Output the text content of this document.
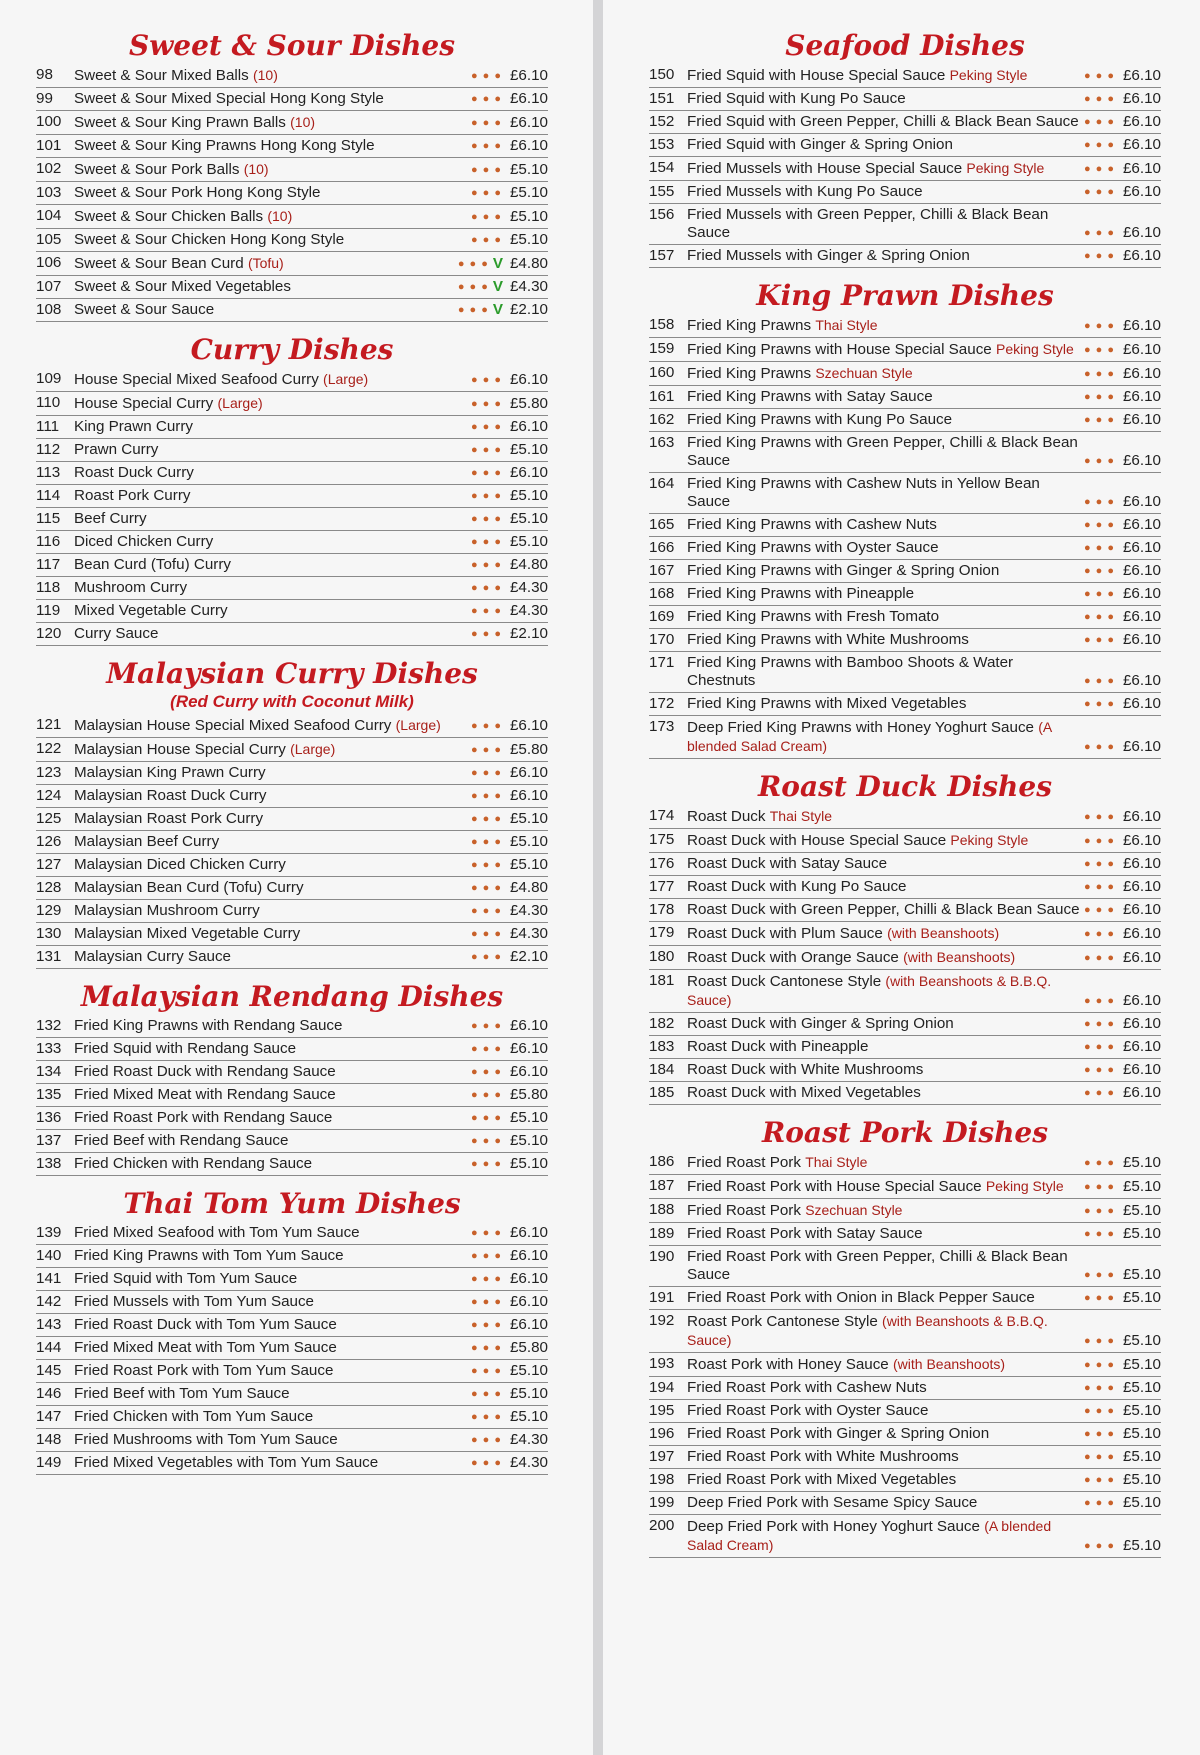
Sweet & Sour Dishes
98	Sweet & Sour Mixed Balls (10)	● ● ● £6.10
99	Sweet & Sour Mixed Special Hong Kong Style	● ● ● £6.10
100 Sweet & Sour King Prawn Balls (10)	● ● ● £6.10
101 Sweet & Sour King Prawns Hong Kong Style	● ● ● £6.10
102 Sweet & Sour Pork Balls (10)	● ● ● £5.10
103 Sweet & Sour Pork Hong Kong Style	● ● ● £5.10
104 Sweet & Sour Chicken Balls (10)	● ● ● £5.10
105 Sweet & Sour Chicken Hong Kong Style	● ● ● £5.10
106 Sweet & Sour Bean Curd (Tofu)	● ● ● V £4.80
107 Sweet & Sour Mixed Vegetables	● ● ● V £4.30
108 Sweet & Sour Sauce	● ● ● V £2.10
Curry Dishes
109 House Special Mixed Seafood Curry (Large)	● ● ● £6.10
110 House Special Curry (Large)	● ● ● £5.80
111 King Prawn Curry	● ● ● £6.10
112 Prawn Curry	● ● ● £5.10
113 Roast Duck Curry	● ● ● £6.10
114 Roast Pork Curry	● ● ● £5.10
115 Beef Curry	● ● ● £5.10
116 Diced Chicken Curry	● ● ● £5.10
117 Bean Curd (Tofu) Curry	● ● ● £4.80
118 Mushroom Curry	● ● ● £4.30
119 Mixed Vegetable Curry	● ● ● £4.30
120 Curry Sauce	● ● ● £2.10
Malaysian Curry Dishes
(Red Curry with Coconut Milk)
121 Malaysian House Special Mixed Seafood Curry (Large)	● ● ● £6.10
122 Malaysian House Special Curry (Large)	● ● ● £5.80
123 Malaysian King Prawn Curry	● ● ● £6.10
124 Malaysian Roast Duck Curry	● ● ● £6.10
125 Malaysian Roast Pork Curry	● ● ● £5.10
126 Malaysian Beef Curry	● ● ● £5.10
127 Malaysian Diced Chicken Curry	● ● ● £5.10
128 Malaysian Bean Curd (Tofu) Curry	● ● ● £4.80
129 Malaysian Mushroom Curry	● ● ● £4.30
130 Malaysian Mixed Vegetable Curry	● ● ● £4.30
131 Malaysian Curry Sauce	● ● ● £2.10
Malaysian Rendang Dishes
132 Fried King Prawns with Rendang Sauce	● ● ● £6.10
133 Fried Squid with Rendang Sauce	● ● ● £6.10
134 Fried Roast Duck with Rendang Sauce	● ● ● £6.10
135 Fried Mixed Meat with Rendang Sauce	● ● ● £5.80
136 Fried Roast Pork with Rendang Sauce	● ● ● £5.10
137 Fried Beef with Rendang Sauce	● ● ● £5.10
138 Fried Chicken with Rendang Sauce	● ● ● £5.10
Thai Tom Yum Dishes
139 Fried Mixed Seafood with Tom Yum Sauce	● ● ● £6.10
140 Fried King Prawns with Tom Yum Sauce	● ● ● £6.10
141 Fried Squid with Tom Yum Sauce	● ● ● £6.10
142 Fried Mussels with Tom Yum Sauce	● ● ● £6.10
143 Fried Roast Duck with Tom Yum Sauce	● ● ● £6.10
144 Fried Mixed Meat with Tom Yum Sauce	● ● ● £5.80
145 Fried Roast Pork with Tom Yum Sauce	● ● ● £5.10
146 Fried Beef with Tom Yum Sauce	● ● ● £5.10
147 Fried Chicken with Tom Yum Sauce	● ● ● £5.10
148 Fried Mushrooms with Tom Yum Sauce	● ● ● £4.30
149 Fried Mixed Vegetables with Tom Yum Sauce	● ● ● £4.30
Seafood Dishes
150 Fried Squid with House Special Sauce Peking Style	● ● ● £6.10
151 Fried Squid with Kung Po Sauce	● ● ● £6.10
152 Fried Squid with Green Pepper, Chilli & Black Bean Sauce ● ● ● £6.10
153 Fried Squid with Ginger & Spring Onion	● ● ● £6.10
154 Fried Mussels with House Special Sauce Peking Style	● ● ● £6.10
155 Fried Mussels with Kung Po Sauce	● ● ● £6.10
156 Fried Mussels with Green Pepper, Chilli & Black Bean Sauce	● ● ● £6.10
157 Fried Mussels with Ginger & Spring Onion	● ● ● £6.10
King Prawn Dishes
158 Fried King Prawns Thai Style	● ● ● £6.10
159 Fried King Prawns with House Special Sauce Peking Style ● ● ● £6.10
160 Fried King Prawns Szechuan Style	● ● ● £6.10
161 Fried King Prawns with Satay Sauce	● ● ● £6.10
162 Fried King Prawns with Kung Po Sauce	● ● ● £6.10
163 Fried King Prawns with Green Pepper, Chilli & Black Bean Sauce	● ● ● £6.10
164 Fried King Prawns with Cashew Nuts in Yellow Bean Sauce	● ● ● £6.10
165 Fried King Prawns with Cashew Nuts	● ● ● £6.10
166 Fried King Prawns with Oyster Sauce	● ● ● £6.10
167 Fried King Prawns with Ginger & Spring Onion	● ● ● £6.10
168 Fried King Prawns with Pineapple	● ● ● £6.10
169 Fried King Prawns with Fresh Tomato	● ● ● £6.10
170 Fried King Prawns with White Mushrooms	● ● ● £6.10
171 Fried King Prawns with Bamboo Shoots & Water Chestnuts	● ● ● £6.10
172 Fried King Prawns with Mixed Vegetables	● ● ● £6.10
173 Deep Fried King Prawns with Honey Yoghurt Sauce (A blended Salad Cream)	● ● ● £6.10
Roast Duck Dishes
174 Roast Duck Thai Style	● ● ● £6.10
175 Roast Duck with House Special Sauce Peking Style	● ● ● £6.10
176 Roast Duck with Satay Sauce	● ● ● £6.10
177 Roast Duck with Kung Po Sauce	● ● ● £6.10
178 Roast Duck with Green Pepper, Chilli & Black Bean Sauce ● ● ● £6.10
179 Roast Duck with Plum Sauce (with Beanshoots)	● ● ● £6.10
180 Roast Duck with Orange Sauce (with Beanshoots)	● ● ● £6.10
181 Roast Duck Cantonese Style (with Beanshoots & B.B.Q. Sauce)	● ● ● £6.10
182 Roast Duck with Ginger & Spring Onion	● ● ● £6.10
183 Roast Duck with Pineapple	● ● ● £6.10
184 Roast Duck with White Mushrooms	● ● ● £6.10
185 Roast Duck with Mixed Vegetables	● ● ● £6.10
Roast Pork Dishes
186 Fried Roast Pork Thai Style	● ● ● £5.10
187 Fried Roast Pork with House Special Sauce Peking Style	● ● ● £5.10
188 Fried Roast Pork Szechuan Style	● ● ● £5.10
189 Fried Roast Pork with Satay Sauce	● ● ● £5.10
190 Fried Roast Pork with Green Pepper, Chilli & Black Bean Sauce	● ● ● £5.10
191 Fried Roast Pork with Onion in Black Pepper Sauce	● ● ● £5.10
192 Roast Pork Cantonese Style (with Beanshoots & B.B.Q. Sauce)	● ● ● £5.10
193 Roast Pork with Honey Sauce (with Beanshoots)	● ● ● £5.10
194 Fried Roast Pork with Cashew Nuts	● ● ● £5.10
195 Fried Roast Pork with Oyster Sauce	● ● ● £5.10
196 Fried Roast Pork with Ginger & Spring Onion	● ● ● £5.10
197 Fried Roast Pork with White Mushrooms	● ● ● £5.10
198 Fried Roast Pork with Mixed Vegetables	● ● ● £5.10
199 Deep Fried Pork with Sesame Spicy Sauce	● ● ● £5.10
200 Deep Fried Pork with Honey Yoghurt Sauce (A blended Salad Cream)	● ● ● £5.10
